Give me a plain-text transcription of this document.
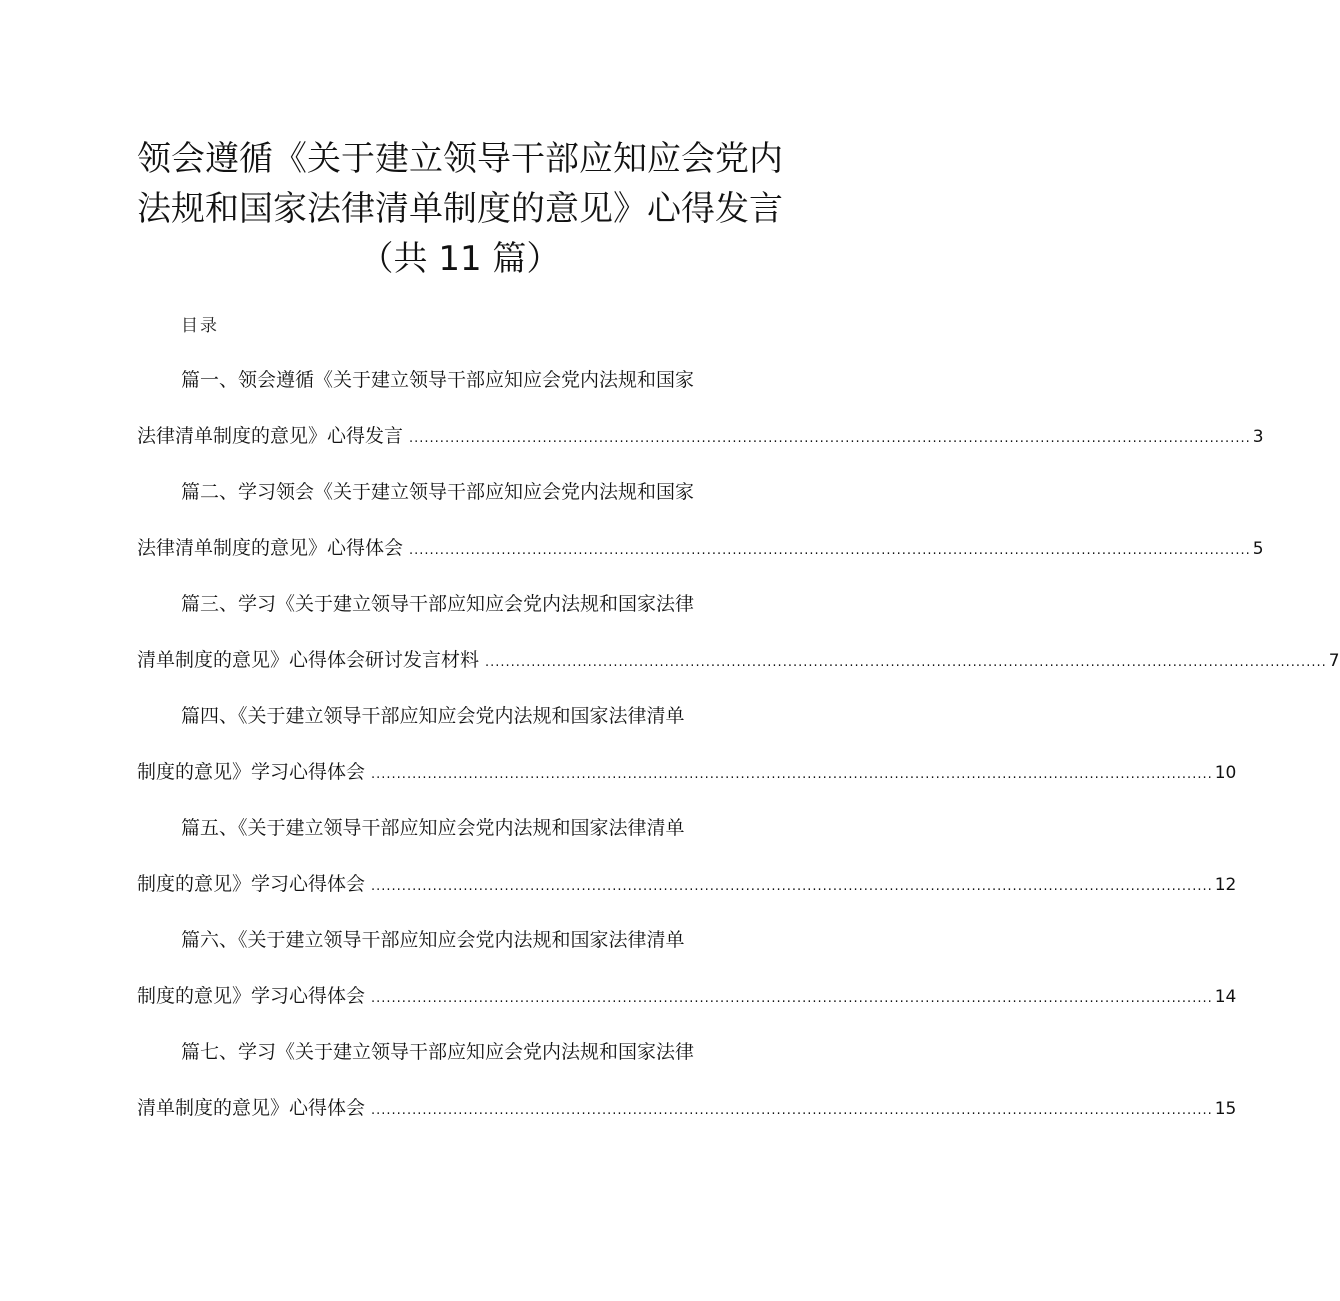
领会遵循《关于建立领导干部应知应会党内
法规和国家法律清单制度的意见》心得发言
（共 11 篇）
目录
篇一、领会遵循《关于建立领导干部应知应会党内法规和国家
法律清单制度的意见》心得发言 .................................................................................................................................................................... 3
篇二、学习领会《关于建立领导干部应知应会党内法规和国家
法律清单制度的意见》心得体会 .................................................................................................................................................................... 5
篇三、学习《关于建立领导干部应知应会党内法规和国家法律
清单制度的意见》心得体会研讨发言材料 .................................................................................................................................................................... 7
篇四、《关于建立领导干部应知应会党内法规和国家法律清单
制度的意见》学习心得体会 .................................................................................................................................................................... 10
篇五、《关于建立领导干部应知应会党内法规和国家法律清单
制度的意见》学习心得体会 .................................................................................................................................................................... 12
篇六、《关于建立领导干部应知应会党内法规和国家法律清单
制度的意见》学习心得体会 .................................................................................................................................................................... 14
篇七、学习《关于建立领导干部应知应会党内法规和国家法律
清单制度的意见》心得体会 .................................................................................................................................................................... 15
